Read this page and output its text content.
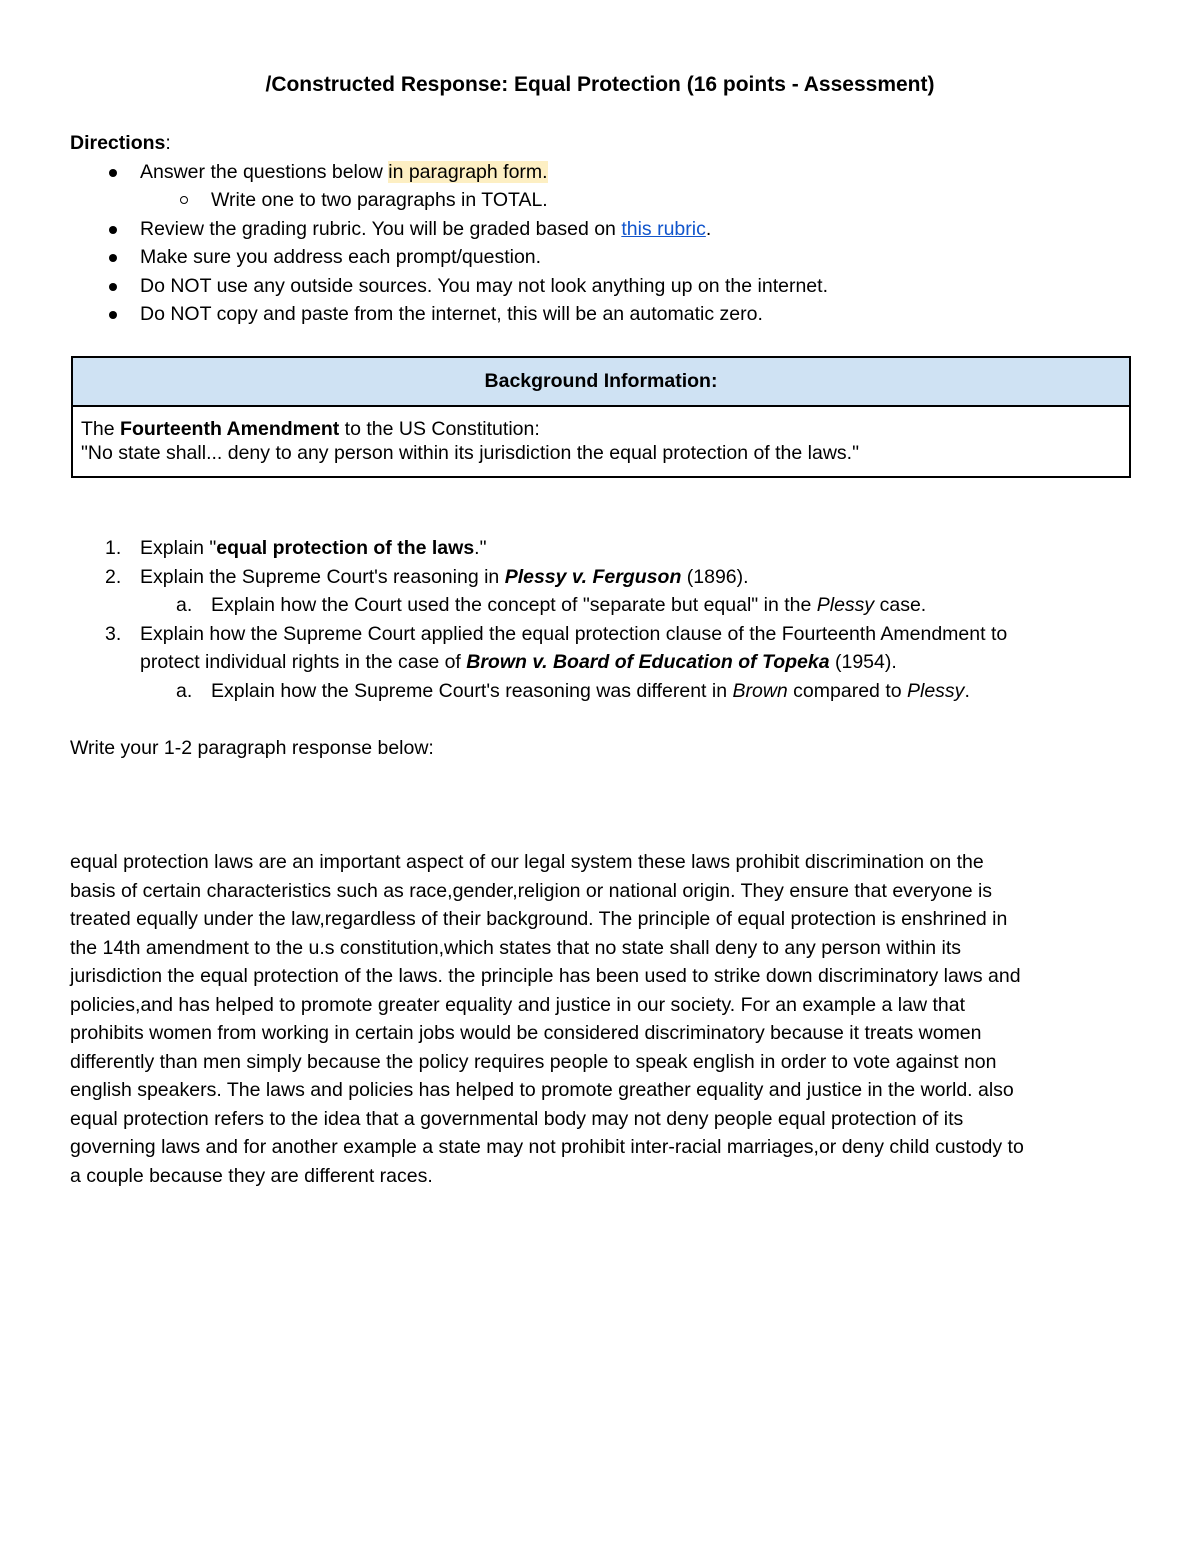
/Constructed Response: Equal Protection (16 points - Assessment)
Directions:
Answer the questions below in paragraph form.
Write one to two paragraphs in TOTAL.
Review the grading rubric. You will be graded based on this rubric.
Make sure you address each prompt/question.
Do NOT use any outside sources. You may not look anything up on the internet.
Do NOT copy and paste from the internet, this will be an automatic zero.
Background Information:
The Fourteenth Amendment to the US Constitution:
"No state shall... deny to any person within its jurisdiction the equal protection of the laws."
1. Explain "equal protection of the laws."
2. Explain the Supreme Court's reasoning in Plessy v. Ferguson (1896).
a. Explain how the Court used the concept of "separate but equal" in the Plessy case.
3. Explain how the Supreme Court applied the equal protection clause of the Fourteenth Amendment to
protect individual rights in the case of Brown v. Board of Education of Topeka (1954).
a. Explain how the Supreme Court's reasoning was different in Brown compared to Plessy.
Write your 1-2 paragraph response below:
equal protection laws are an important aspect of our legal system these laws prohibit discrimination on the
basis of certain characteristics such as race,gender,religion or national origin. They ensure that everyone is
treated equally under the law,regardless of their background. The principle of equal protection is enshrined in
the 14th amendment to the u.s constitution,which states that no state shall deny to any person within its
jurisdiction the equal protection of the laws. the principle has been used to strike down discriminatory laws and
policies,and has helped to promote greater equality and justice in our society. For an example a law that
prohibits women from working in certain jobs would be considered discriminatory because it treats women
differently than men simply because the policy requires people to speak english in order to vote against non
english speakers. The laws and policies has helped to promote greather equality and justice in the world. also
equal protection refers to the idea that a governmental body may not deny people equal protection of its
governing laws and for another example a state may not prohibit inter-racial marriages,or deny child custody to
a couple because they are different races.
